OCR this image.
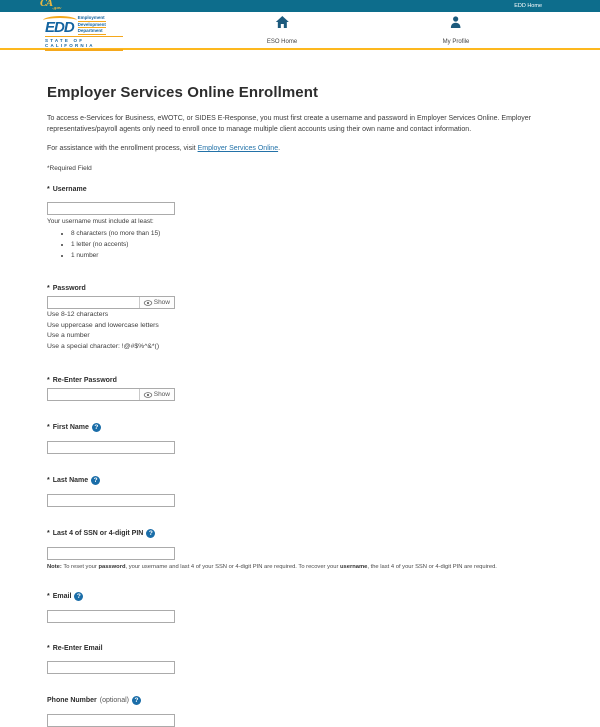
$CA_{.gov}$	EDD Home
EDD
Employment
Development
Department
STATE OF CALIFORNIA	ESO Home	My Profile
Employer Services Online Enrollment

To access e-Services for Business, eWOTC, or SIDES E-Response, you must first create a username and password in Employer Services Online. Employer representatives/payroll agents only need to enroll once to manage multiple client accounts using their own name and contact information.

For assistance with the enrollment process, visit Employer Services Online.

*Required Field
* Username
Your username must include at least:
• 8 characters (no more than 15)
• 1 letter (no accents)
• 1 number
* Password
Show
Use 8-12 characters
Use uppercase and lowercase letters
Use a number
Use a special character: !@#$%^&*()
* Re-Enter Password
Show
* First Name ?
* Last Name ?
* Last 4 of SSN or 4-digit PIN ?
Note: To reset your password, your username and last 4 of your SSN or 4-digit PIN are required. To recover your username, the last 4 of your SSN or 4-digit PIN are required.
* Email ?
* Re-Enter Email
Phone Number (optional) ?
